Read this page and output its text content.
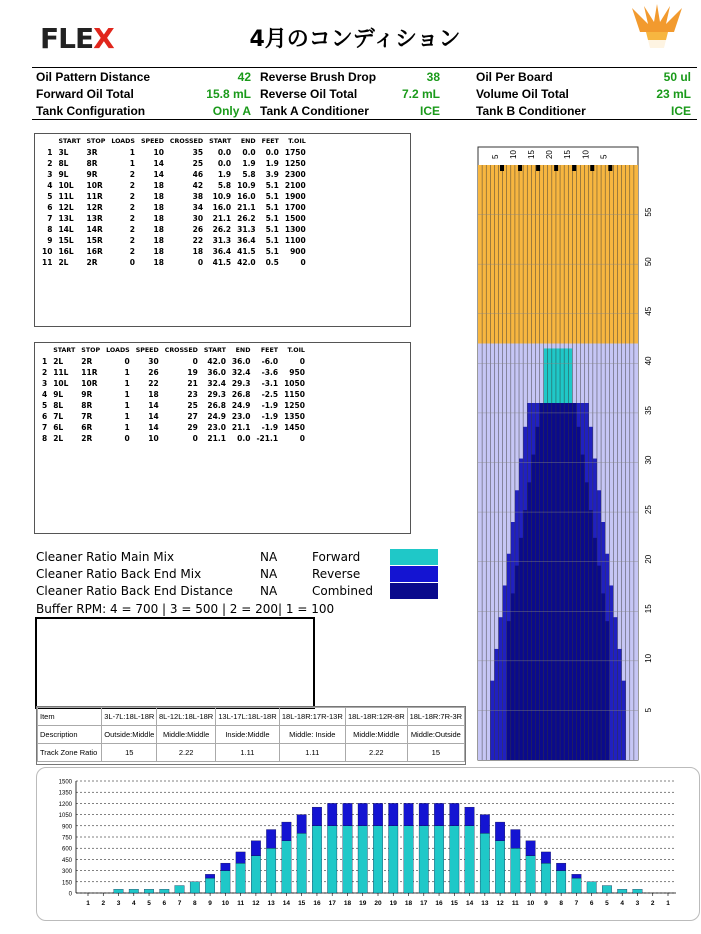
FLEX	4月のコンディション
Oil Pattern Distance	42
Forward Oil Total	15.8 mL
Tank Configuration	Only A
Reverse Brush Drop	38
Reverse Oil Total	7.2 mL
Tank A Conditioner	ICE
Oil Per Board	50 ul
Volume Oil Total	23 mL
Tank B Conditioner	ICE
	START	STOP	LOADS	SPEED	CROSSED	START	END	FEET	T.OIL
1	3L	3R	1	10	35	0.0	0.0	0.0	1750
2	8L	8R	1	14	25	0.0	1.9	1.9	1250
3	9L	9R	2	14	46	1.9	5.8	3.9	2300
4	10L	10R	2	18	42	5.8	10.9	5.1	2100
5	11L	11R	2	18	38	10.9	16.0	5.1	1900
6	12L	12R	2	18	34	16.0	21.1	5.1	1700
7	13L	13R	2	18	30	21.1	26.2	5.1	1500
8	14L	14R	2	18	26	26.2	31.3	5.1	1300
9	15L	15R	2	18	22	31.3	36.4	5.1	1100
10	16L	16R	2	18	18	36.4	41.5	5.1	900
11	2L	2R	0	18	0	41.5	42.0	0.5	0
	START	STOP	LOADS	SPEED	CROSSED	START	END	FEET	T.OIL
1	2L	2R	0	30	0	42.0	36.0	-6.0	0
2	11L	11R	1	26	19	36.0	32.4	-3.6	950
3	10L	10R	1	22	21	32.4	29.3	-3.1	1050
4	9L	9R	1	18	23	29.3	26.8	-2.5	1150
5	8L	8R	1	14	25	26.8	24.9	-1.9	1250
6	7L	7R	1	14	27	24.9	23.0	-1.9	1350
7	6L	6R	1	14	29	23.0	21.1	-1.9	1450
8	2L	2R	0	10	0	21.1	0.0	-21.1	0
Cleaner Ratio Main Mix	NA	Forward
Cleaner Ratio Back End Mix	NA	Reverse
Cleaner Ratio Back End Distance NA	Combined
Buffer RPM: 4 = 700 | 3 = 500 | 2 = 200| 1 = 100
Item	3L-7L:18L-18R	8L-12L:18L-18R	13L-17L:18L-18R	18L-18R:17R-13R	18L-18R:12R-8R	18L-18R:7R-3R
Description	Outside:Middle	Middle:Middle	Inside:Middle	Middle: Inside	Middle:Middle	Middle:Outside
Track Zone Ratio	15	2.22	1.11	1.11	2.22	15
5 10 15 20 15 10 5
55
50
45
40
35
30
25
20
15
10
5
1500
1350
1200
1050
900
750
600
450
300
150
0
1 2 3 4 5 6 7 8 9 10 11 12 13 14 15 16 17 18 19 20 19 18 17 16 15 14 13 12 11 10 9 8 7 6 5 4 3 2 1
